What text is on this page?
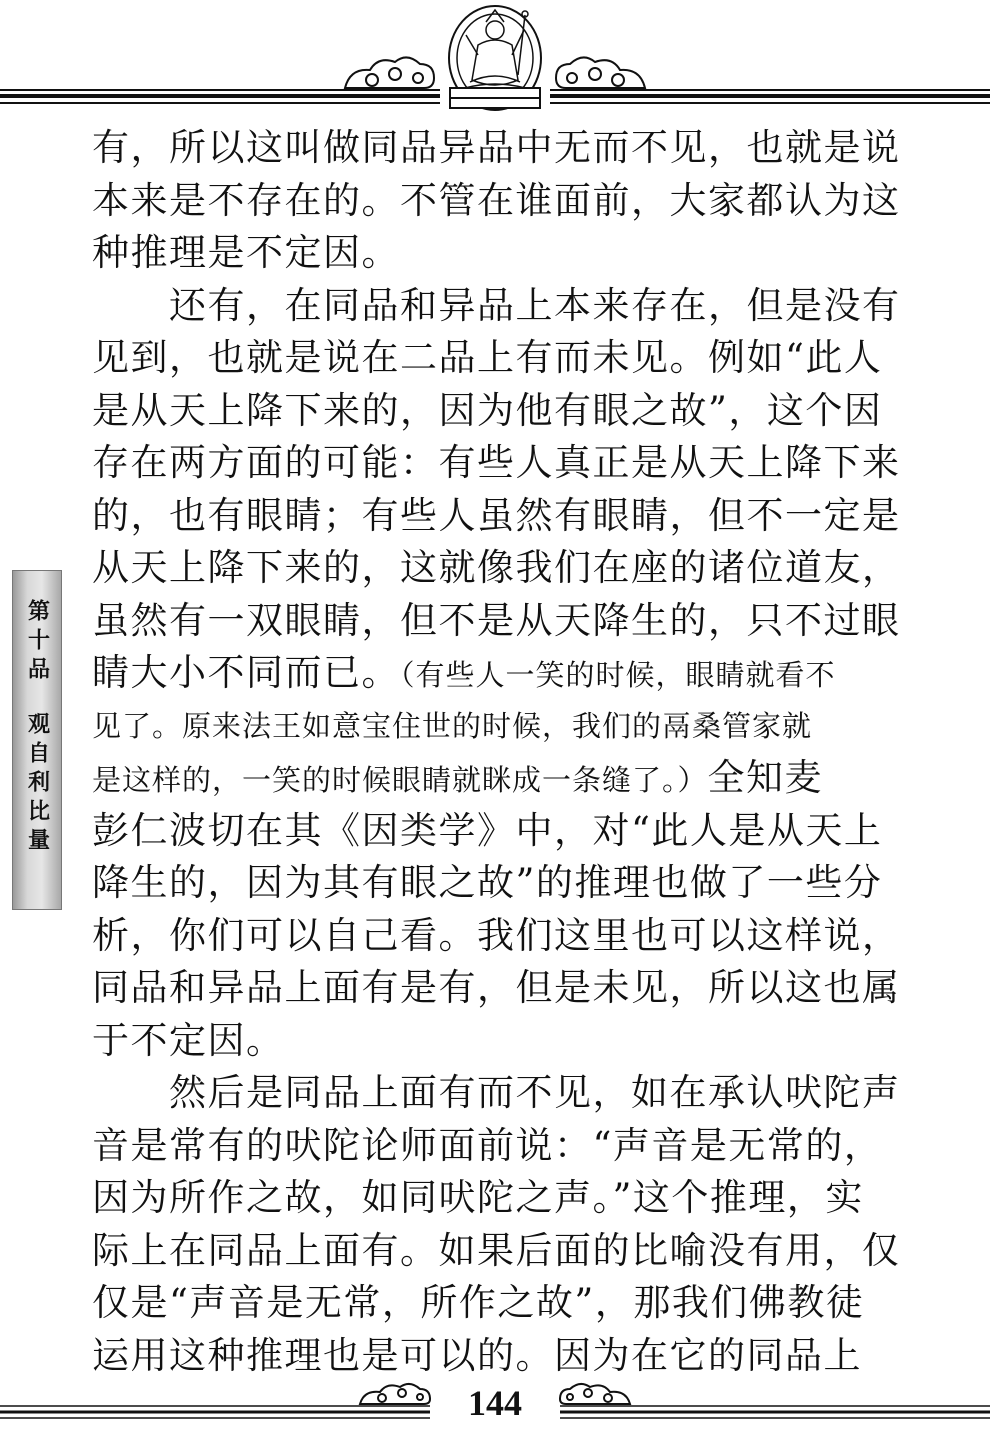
第十品
观自利比量
有，所以这叫做同品异品中无而不见，也就是说
本来是不存在的。不管在谁面前，大家都认为这
种推理是不定因。
　　还有，在同品和异品上本来存在，但是没有
见到，也就是说在二品上有而未见。例如“此人
是从天上降下来的，因为他有眼之故”，这个因
存在两方面的可能：有些人真正是从天上降下来
的，也有眼睛；有些人虽然有眼睛，但不一定是
从天上降下来的，这就像我们在座的诸位道友，
虽然有一双眼睛，但不是从天降生的，只不过眼
睛大小不同而已。（有些人一笑的时候，眼睛就看不
见了。原来法王如意宝住世的时候，我们的鬲桑管家就
是这样的，一笑的时候眼睛就眯成一条缝了。）全知麦
彭仁波切在其《因类学》中，对“此人是从天上
降生的，因为其有眼之故”的推理也做了一些分
析，你们可以自己看。我们这里也可以这样说，
同品和异品上面有是有，但是未见，所以这也属
于不定因。
　　然后是同品上面有而不见，如在承认吠陀声
音是常有的吠陀论师面前说：“声音是无常的，
因为所作之故，如同吠陀之声。”这个推理，实
际上在同品上面有。如果后面的比喻没有用，仅
仅是“声音是无常，所作之故”，那我们佛教徒
运用这种推理也是可以的。因为在它的同品上
144
